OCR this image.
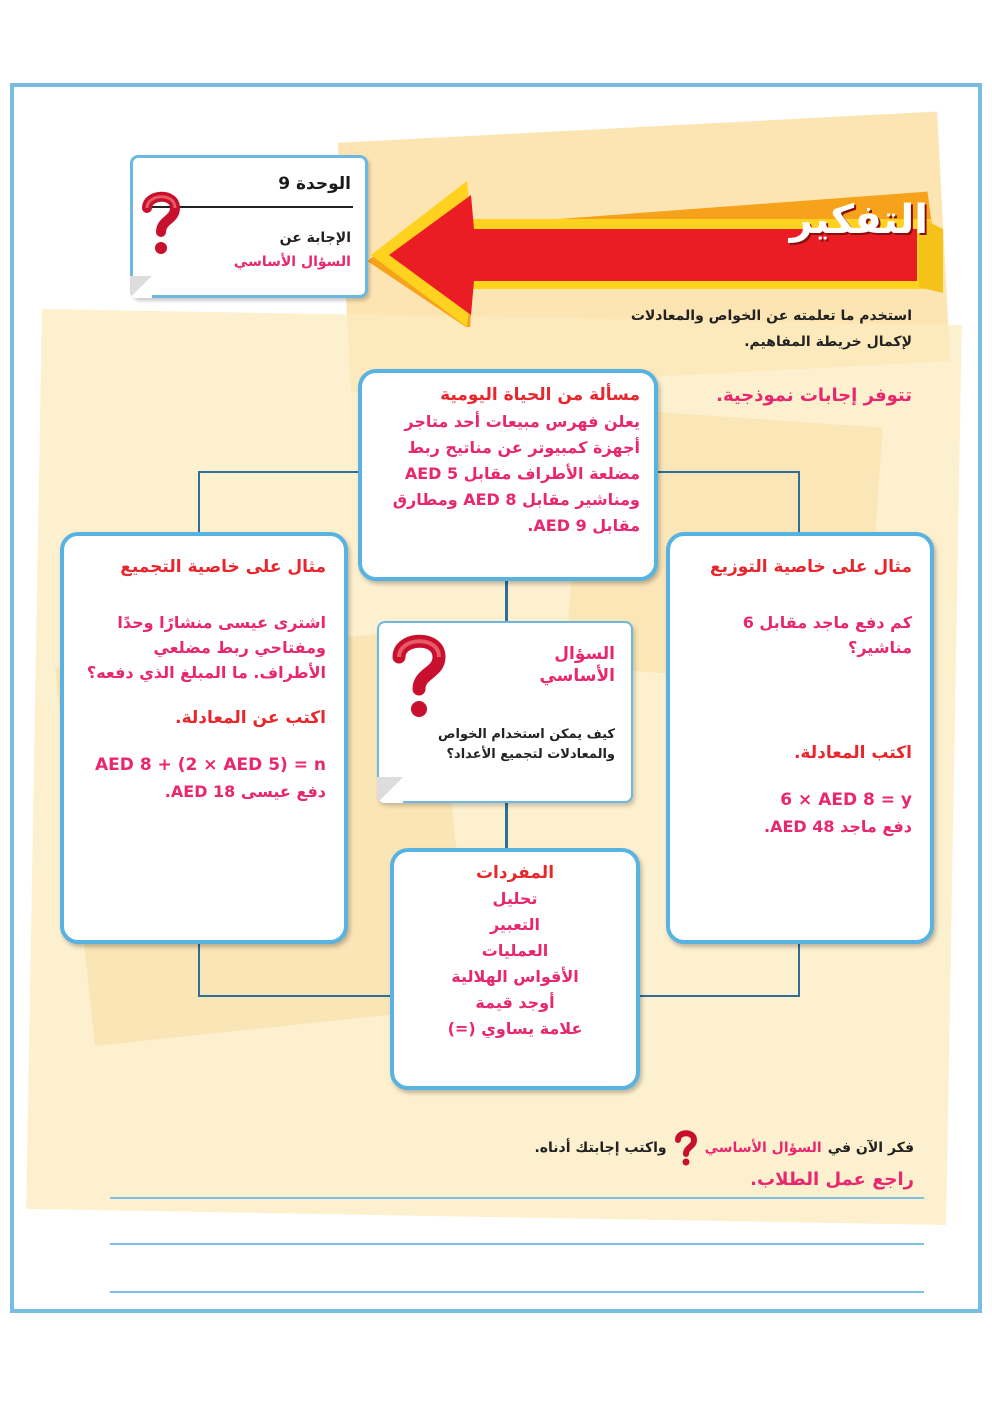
التفكير
الوحدة 9
الإجابة عن
السؤال الأساسي
استخدم ما تعلمته عن الخواص والمعادلات
لإكمال خريطة المفاهيم.
تتوفر إجابات نموذجية.
مسألة من الحياة اليومية
يعلن فهرس مبيعات أحد متاجر أجهزة كمبيوتر عن مناتيح ربط مضلعة الأطراف مقابل AED 5 ومناشير مقابل AED 8 ومطارق مقابل AED 9.
مثال على خاصية التجميع
اشترى عيسى منشارًا وحدًا ومفتاحي ربط مضلعي الأطراف. ما المبلغ الذي دفعه؟
اكتب عن المعادلة.
AED 8 + (2 × AED 5) = n
دفع عيسى AED 18.
مثال على خاصية التوزيع
كم دفع ماجد مقابل 6 مناشير؟
اكتب المعادلة.
6 × AED 8 = y
دفع ماجد AED 48.
السؤال الأساسي
كيف يمكن استخدام الخواص والمعادلات لتجميع الأعداد؟
المفردات
تحليل
التعبير
العمليات
الأقواس الهلالية
أوجد قيمة
علامة يساوي (=)
فكر الآن في
السؤال الأساسي
واكتب إجابتك أدناه.
راجع عمل الطلاب.
